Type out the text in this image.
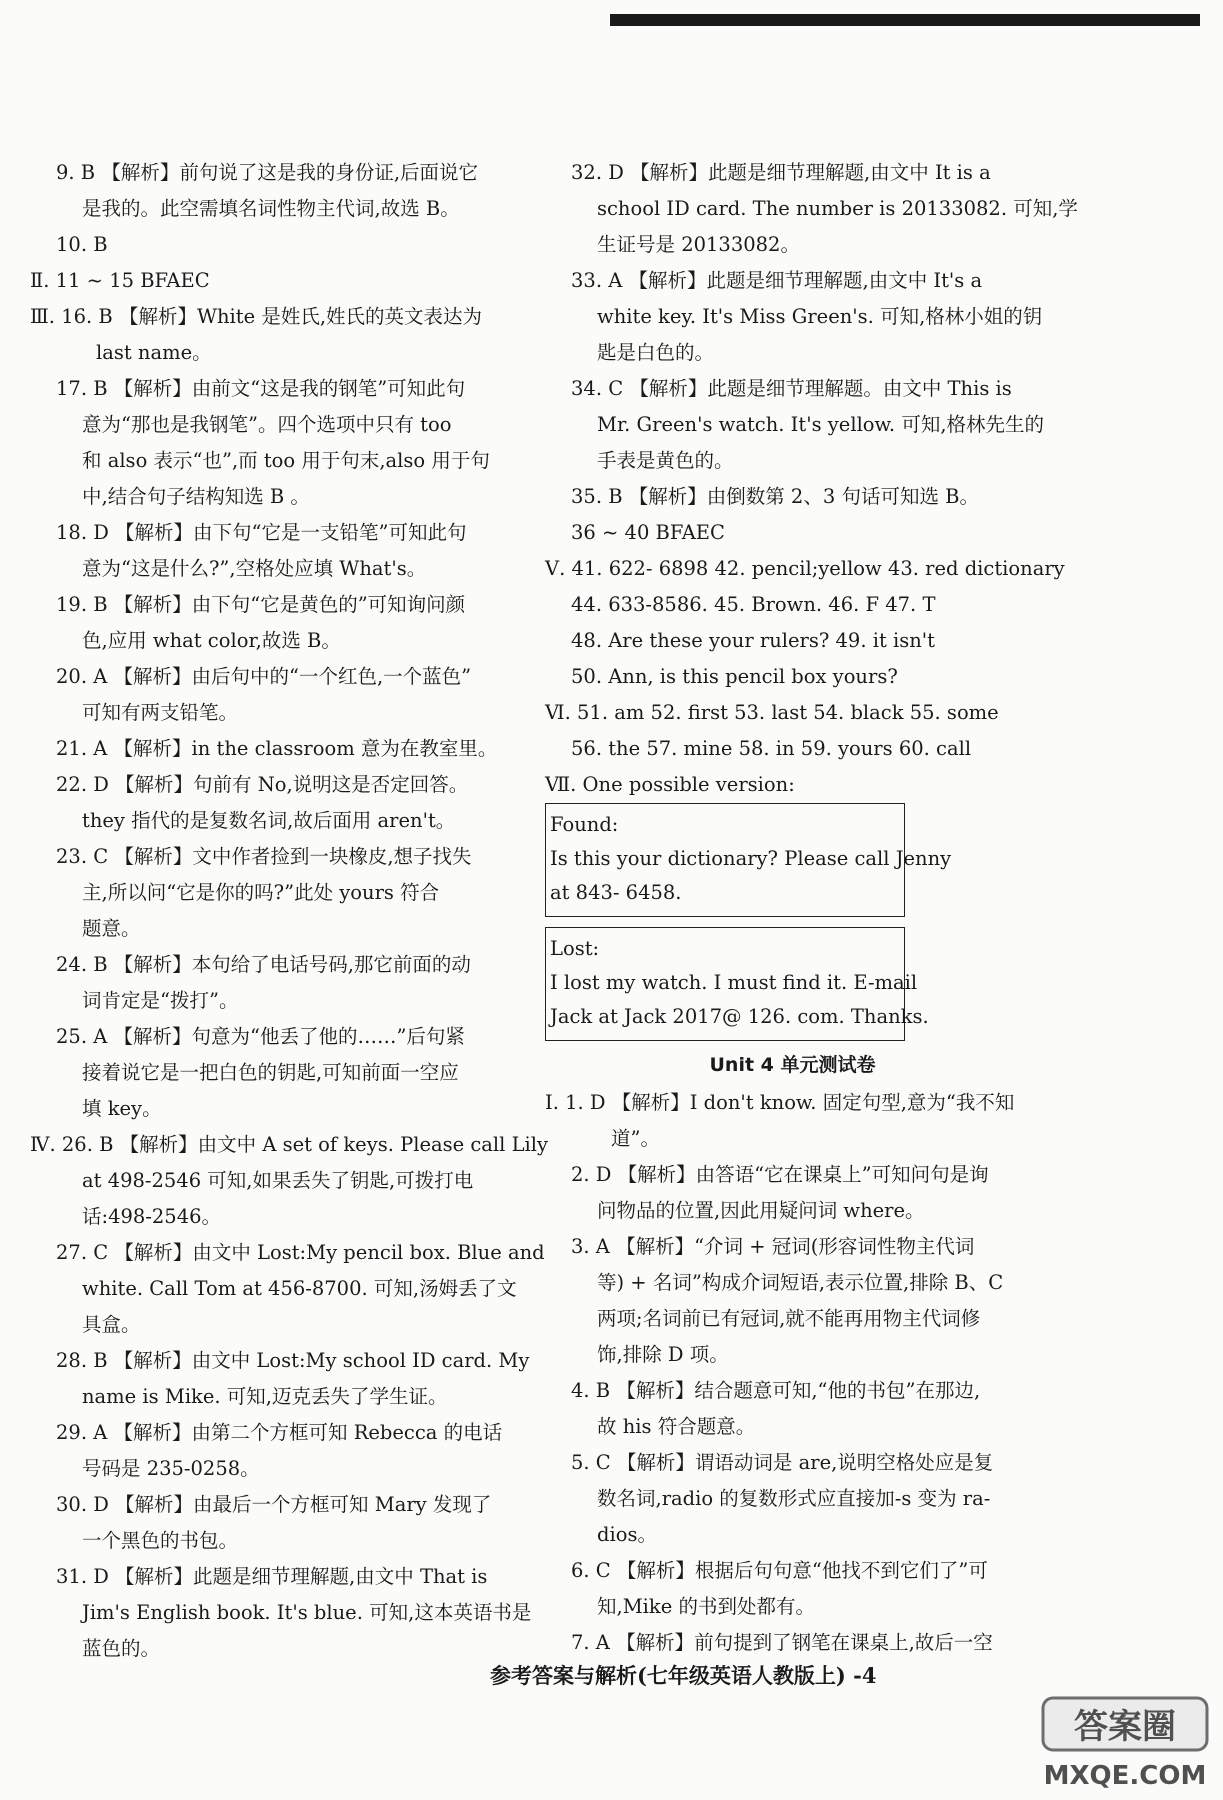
9. B 【解析】前句说了这是我的身份证,后面说它
是我的。此空需填名词性物主代词,故选 B。
10. B
Ⅱ. 11 ~ 15 BFAEC
Ⅲ. 16. B 【解析】White 是姓氏,姓氏的英文表达为
last name。
17. B 【解析】由前文“这是我的钢笔”可知此句
意为“那也是我钢笔”。四个选项中只有 too
和 also 表示“也”,而 too 用于句末,also 用于句
中,结合句子结构知选 B 。
18. D 【解析】由下句“它是一支铅笔”可知此句
意为“这是什么?”,空格处应填 What's。
19. B 【解析】由下句“它是黄色的”可知询问颜
色,应用 what color,故选 B。
20. A 【解析】由后句中的“一个红色,一个蓝色”
可知有两支铅笔。
21. A 【解析】in the classroom 意为在教室里。
22. D 【解析】句前有 No,说明这是否定回答。
they 指代的是复数名词,故后面用 aren't。
23. C 【解析】文中作者捡到一块橡皮,想子找失
主,所以问“它是你的吗?”此处 yours 符合
题意。
24. B 【解析】本句给了电话号码,那它前面的动
词肯定是“拨打”。
25. A 【解析】句意为“他丢了他的……”后句紧
接着说它是一把白色的钥匙,可知前面一空应
填 key。
Ⅳ. 26. B 【解析】由文中 A set of keys. Please call Lily
at 498-2546 可知,如果丢失了钥匙,可拨打电
话:498-2546。
27. C 【解析】由文中 Lost:My pencil box. Blue and
white. Call Tom at 456-8700. 可知,汤姆丢了文
具盒。
28. B 【解析】由文中 Lost:My school ID card. My
name is Mike. 可知,迈克丢失了学生证。
29. A 【解析】由第二个方框可知 Rebecca 的电话
号码是 235-0258。
30. D 【解析】由最后一个方框可知 Mary 发现了
一个黑色的书包。
31. D 【解析】此题是细节理解题,由文中 That is
Jim's English book. It's blue. 可知,这本英语书是
蓝色的。
32. D 【解析】此题是细节理解题,由文中 It is a
school ID card. The number is 20133082. 可知,学
生证号是 20133082。
33. A 【解析】此题是细节理解题,由文中 It's a
white key. It's Miss Green's. 可知,格林小姐的钥
匙是白色的。
34. C 【解析】此题是细节理解题。由文中 This is
Mr. Green's watch. It's yellow. 可知,格林先生的
手表是黄色的。
35. B 【解析】由倒数第 2、3 句话可知选 B。
36 ~ 40 BFAEC
Ⅴ. 41. 622- 6898 42. pencil;yellow 43. red dictionary
44. 633-8586. 45. Brown. 46. F 47. T
48. Are these your rulers? 49. it isn't
50. Ann, is this pencil box yours?
Ⅵ. 51. am 52. first 53. last 54. black 55. some
56. the 57. mine 58. in 59. yours 60. call
Ⅶ. One possible version:
Found:
Is this your dictionary? Please call Jenny
at 843- 6458.
Lost:
I lost my watch. I must find it. E-mail
Jack at Jack 2017@ 126. com. Thanks.
Unit 4 单元测试卷
Ⅰ. 1. D 【解析】I don't know. 固定句型,意为“我不知
道”。
2. D 【解析】由答语“它在课桌上”可知问句是询
问物品的位置,因此用疑问词 where。
3. A 【解析】“介词 + 冠词(形容词性物主代词
等) + 名词”构成介词短语,表示位置,排除 B、C
两项;名词前已有冠词,就不能再用物主代词修
饰,排除 D 项。
4. B 【解析】结合题意可知,“他的书包”在那边,
故 his 符合题意。
5. C 【解析】谓语动词是 are,说明空格处应是复
数名词,radio 的复数形式应直接加-s 变为 ra-
dios。
6. C 【解析】根据后句句意“他找不到它们了”可
知,Mike 的书到处都有。
7. A 【解析】前句提到了钢笔在课桌上,故后一空
参考答案与解析(七年级英语人教版上) -4
答案圈
MXQE.COM
